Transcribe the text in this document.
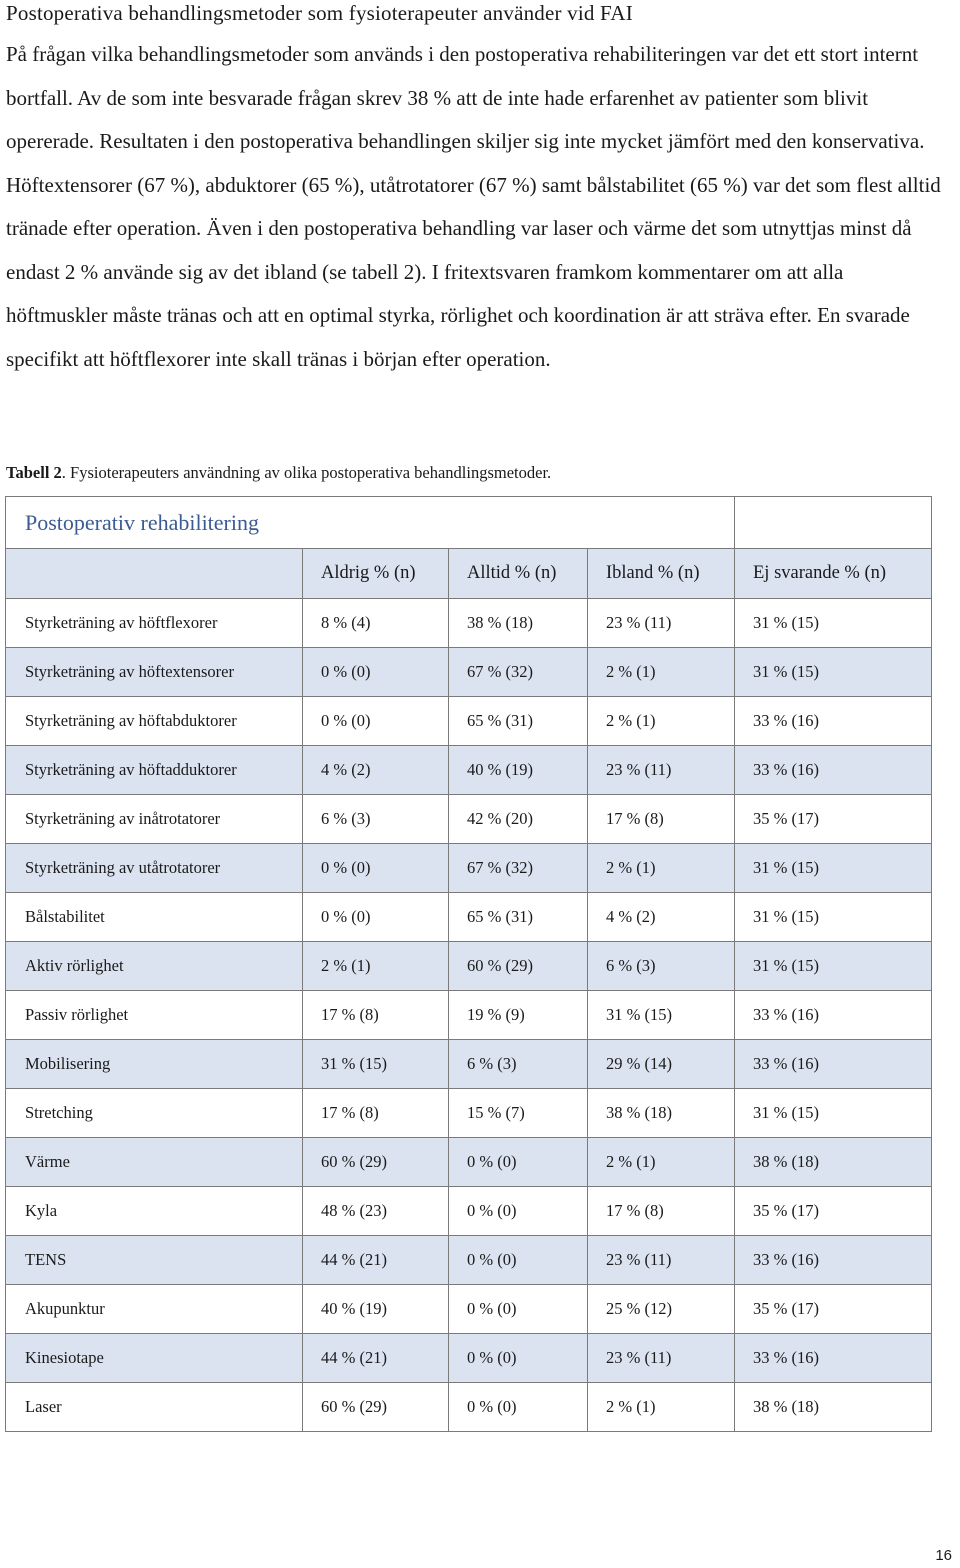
Postoperativa behandlingsmetoder som fysioterapeuter använder vid FAI

På frågan vilka behandlingsmetoder som används i den postoperativa rehabiliteringen var det ett stort internt bortfall. Av de som inte besvarade frågan skrev 38 % att de inte hade erfarenhet av patienter som blivit opererade. Resultaten i den postoperativa behandlingen skiljer sig inte mycket jämfört med den konservativa. Höftextensorer (67 %), abduktorer (65 %), utåtrotatorer (67 %) samt bålstabilitet (65 %) var det som flest alltid tränade efter operation. Även i den postoperativa behandling var laser och värme det som utnyttjas minst då endast 2 % använde sig av det ibland (se tabell 2). I fritextsvaren framkom kommentarer om att alla höftmuskler måste tränas och att en optimal styrka, rörlighet och koordination är att sträva efter. En svarade specifikt att höftflexorer inte skall tränas i början efter operation.

Tabell 2. Fysioterapeuters användning av olika postoperativa behandlingsmetoder.
Postoperativ rehabilitering				
	Aldrig % (n)	Alltid % (n)	Ibland % (n)	Ej svarande % (n)
Styrketräning av höftflexorer	8 % (4)	38 % (18)	23 % (11)	31 % (15)
Styrketräning av höftextensorer	0 % (0)	67 % (32)	2 % (1)	31 % (15)
Styrketräning av höftabduktorer	0 % (0)	65 % (31)	2 % (1)	33 % (16)
Styrketräning av höftadduktorer	4 % (2)	40 % (19)	23 % (11)	33 % (16)
Styrketräning av inåtrotatorer	6 % (3)	42 % (20)	17 % (8)	35 % (17)
Styrketräning av utåtrotatorer	0 % (0)	67 % (32)	2 % (1)	31 % (15)
Bålstabilitet	0 % (0)	65 % (31)	4 % (2)	31 % (15)
Aktiv rörlighet	2 % (1)	60 % (29)	6 % (3)	31 % (15)
Passiv rörlighet	17 % (8)	19 % (9)	31 % (15)	33 % (16)
Mobilisering	31 % (15)	6 % (3)	29 % (14)	33 % (16)
Stretching	17 % (8)	15 % (7)	38 % (18)	31 % (15)
Värme	60 % (29)	0 % (0)	2 % (1)	38 % (18)
Kyla	48 % (23)	0 % (0)	17 % (8)	35 % (17)
TENS	44 % (21)	0 % (0)	23 % (11)	33 % (16)
Akupunktur	40 % (19)	0 % (0)	25 % (12)	35 % (17)
Kinesiotape	44 % (21)	0 % (0)	23 % (11)	33 % (16)
Laser	60 % (29)	0 % (0)	2 % (1)	38 % (18)
16
